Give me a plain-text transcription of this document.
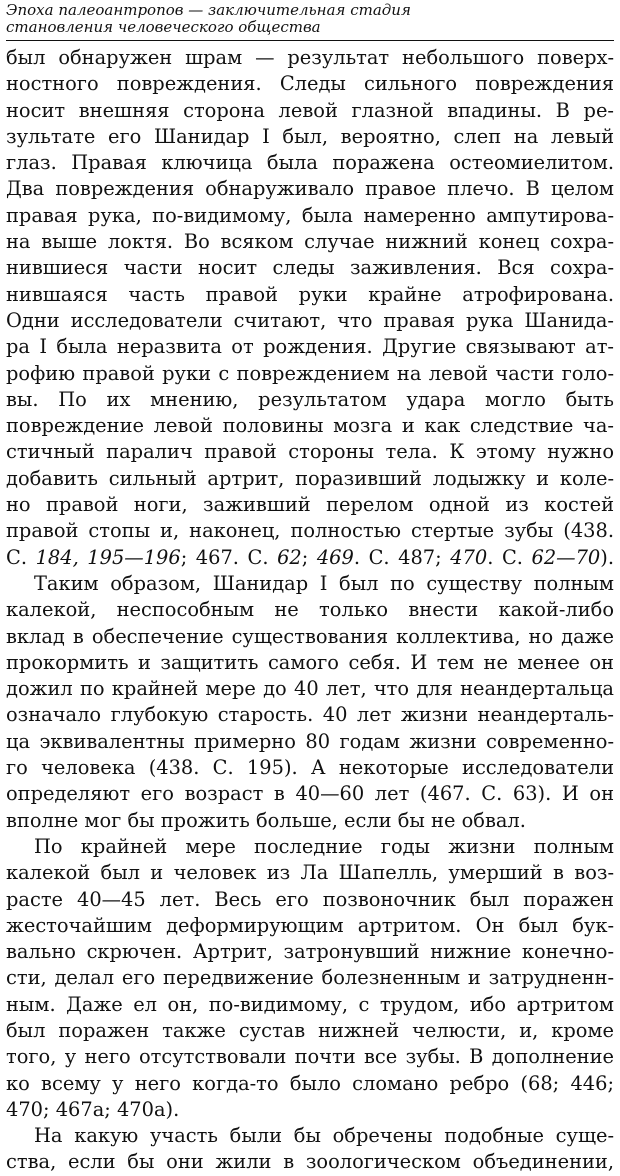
Эпоха палеоантропов — заключительная стадия
становления человеческого общества
был обнаружен шрам — результат небольшого поверх-
ностного повреждения. Следы сильного повреждения
носит внешняя сторона левой глазной впадины. В ре-
зультате его Шанидар I был, вероятно, слеп на левый
глаз. Правая ключица была поражена остеомиелитом.
Два повреждения обнаруживало правое плечо. В целом
правая рука, по-видимому, была намеренно ампутирова-
на выше локтя. Во всяком случае нижний конец сохра-
нившиеся части носит следы заживления. Вся сохра-
нившаяся часть правой руки крайне атрофирована.
Одни исследователи считают, что правая рука Шанида-
ра I была неразвита от рождения. Другие связывают ат-
рофию правой руки с повреждением на левой части голо-
вы. По их мнению, результатом удара могло быть
повреждение левой половины мозга и как следствие ча-
стичный паралич правой стороны тела. К этому нужно
добавить сильный артрит, поразивший лодыжку и коле-
но правой ноги, заживший перелом одной из костей
правой стопы и, наконец, полностью стертые зубы (438.
С. 184, 195—196; 467. С. 62; 469. С. 487; 470. С. 62—70).
Таким образом, Шанидар I был по существу полным
калекой, неспособным не только внести какой-либо
вклад в обеспечение существования коллектива, но даже
прокормить и защитить самого себя. И тем не менее он
дожил по крайней мере до 40 лет, что для неандертальца
означало глубокую старость. 40 лет жизни неандерталь-
ца эквивалентны примерно 80 годам жизни современно-
го человека (438. С. 195). А некоторые исследователи
определяют его возраст в 40—60 лет (467. С. 63). И он
вполне мог бы прожить больше, если бы не обвал.
По крайней мере последние годы жизни полным
калекой был и человек из Ла Шапелль, умерший в воз-
расте 40—45 лет. Весь его позвоночник был поражен
жесточайшим деформирующим артритом. Он был бук-
вально скрючен. Артрит, затронувший нижние конечно-
сти, делал его передвижение болезненным и затрудненн-
ным. Даже ел он, по-видимому, с трудом, ибо артритом
был поражен также сустав нижней челюсти, и, кроме
того, у него отсутствовали почти все зубы. В дополнение
ко всему у него когда-то было сломано ребро (68; 446;
470; 467а; 470а).
На какую участь были бы обречены подобные суще-
ства, если бы они жили в зоологическом объединении,
